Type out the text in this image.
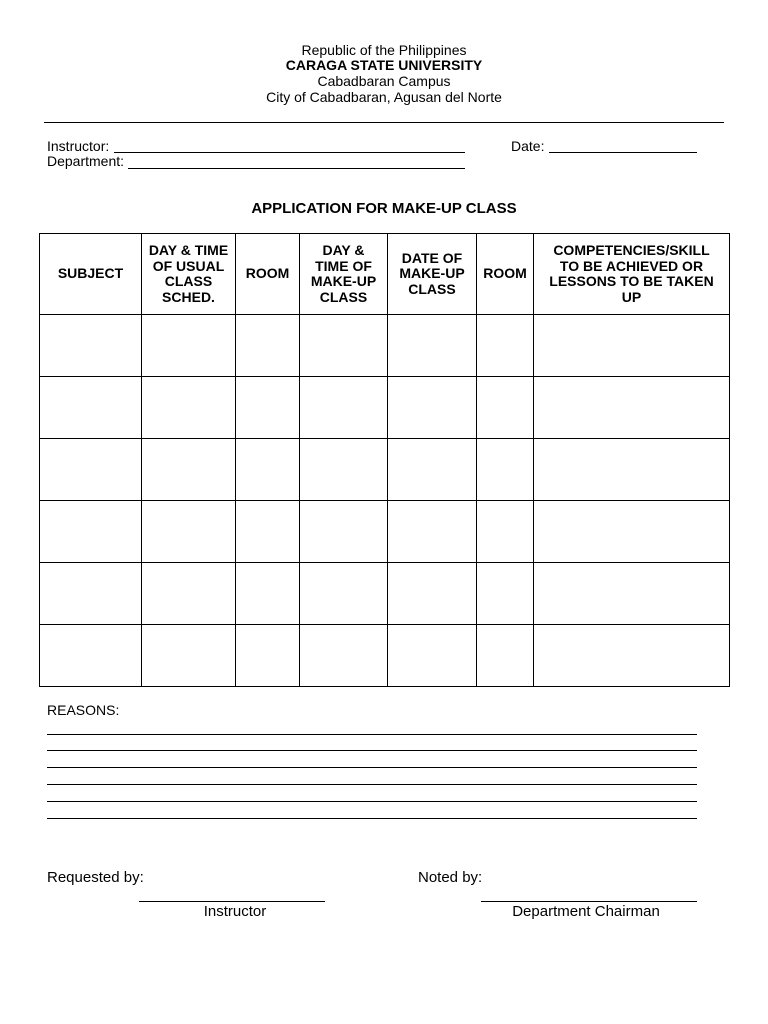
Republic of the Philippines
CARAGA STATE UNIVERSITY
Cabadbaran Campus
City of Cabadbaran, Agusan del Norte
Instructor:	Date:
Department:
APPLICATION FOR MAKE-UP CLASS
SUBJECT	DAY & TIME OF USUAL CLASS SCHED.	ROOM	DAY & TIME OF MAKE-UP CLASS	DATE OF MAKE-UP CLASS	ROOM	COMPETENCIES/SKILL TO BE ACHIEVED OR LESSONS TO BE TAKEN UP

REASONS:
Requested by:
Instructor
Noted by:
Department Chairman
